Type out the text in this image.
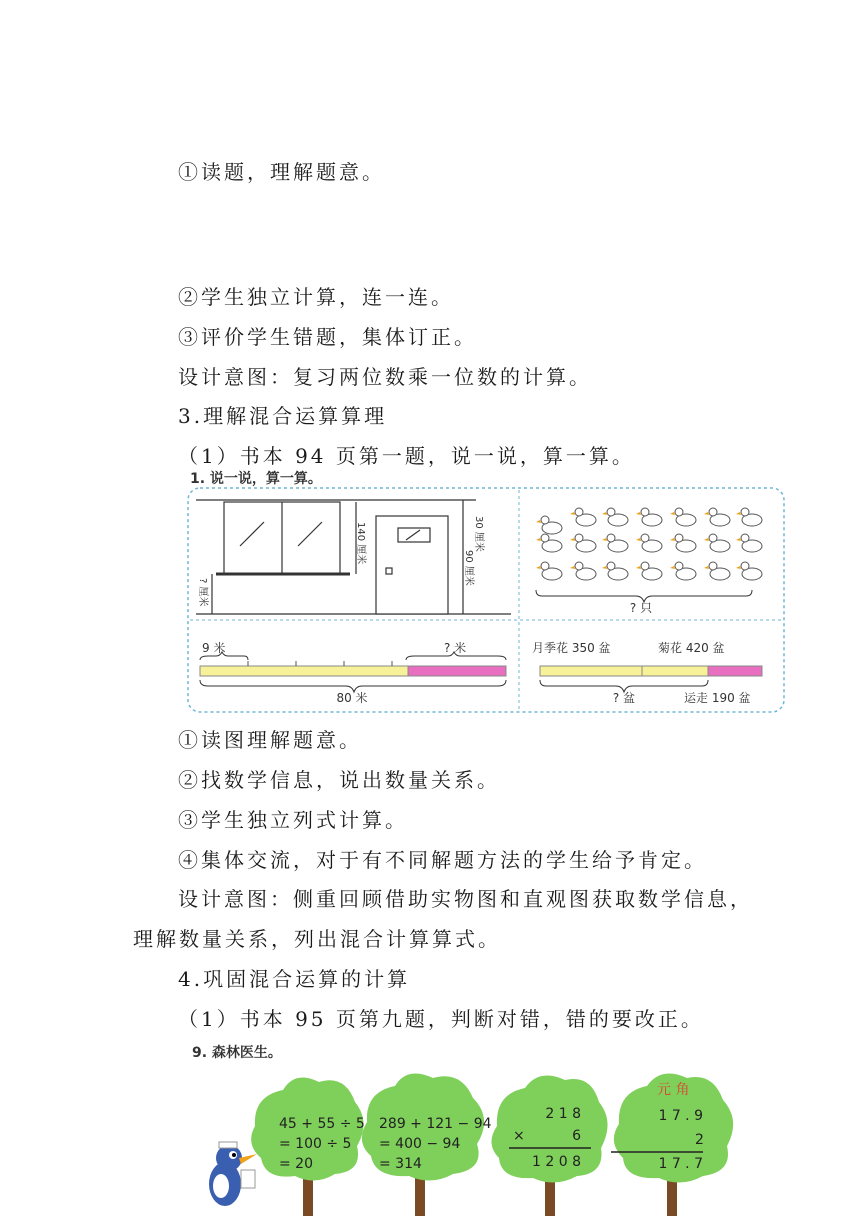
①读题，理解题意。
②学生独立计算，连一连。
③评价学生错题，集体订正。
设计意图：复习两位数乘一位数的计算。
3.理解混合运算算理
（1）书本 94 页第一题，说一说，算一算。
1. 说一说，算一算。
30 厘米
140 厘米
90 厘米
? 厘米
? 只
9 米	? 米
80 米
月季花 350 盆	菊花 420 盆
? 盆	运走 190 盆
①读图理解题意。
②找数学信息，说出数量关系。
③学生独立列式计算。
④集体交流，对于有不同解题方法的学生给予肯定。
设计意图：侧重回顾借助实物图和直观图获取数学信息，
理解数量关系，列出混合计算算式。
4.巩固混合运算的计算
（1）书本 95 页第九题，判断对错，错的要改正。
9. 森林医生。
45 + 55 ÷ 5
= 100 ÷ 5
= 20
289 + 121 − 94
= 400 − 94
= 314
2 1 8
×	6
1 2 0 8
元 角
1 7 . 9
2
1 7 . 7
